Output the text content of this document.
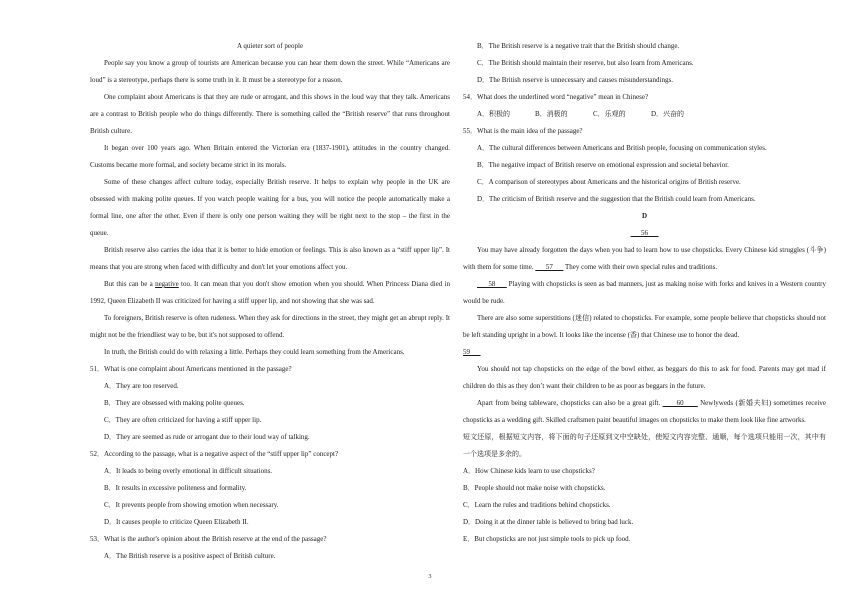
A quieter sort of people

People say you know a group of tourists are American because you can hear them down the street. While “Americans are loud” is a stereotype, perhaps there is some truth in it. It must be a stereotype for a reason.

One complaint about Americans is that they are rude or arrogant, and this shows in the loud way that they talk. Americans are a contrast to British people who do things differently. There is something called the “British reserve” that runs throughout British culture.

It began over 100 years ago. When Britain entered the Victorian era (1837-1901), attitudes in the country changed. Customs became more formal, and society became strict in its morals.

Some of these changes affect culture today, especially British reserve. It helps to explain why people in the UK are obsessed with making polite queues. If you watch people waiting for a bus, you will notice the people automatically make a formal line, one after the other. Even if there is only one person waiting they will be right next to the stop – the first in the queue.

British reserve also carries the idea that it is better to hide emotion or feelings. This is also known as a “stiff upper lip”. It means that you are strong when faced with difficulty and don't let your emotions affect you.

But this can be a negative too. It can mean that you don't show emotion when you should. When Princess Diana died in 1992, Queen Elizabeth II was criticized for having a stiff upper lip, and not showing that she was sad.

To foreigners, British reserve is often rudeness. When they ask for directions in the street, they might get an abrupt reply. It might not be the friendliest way to be, but it's not supposed to offend.

In truth, the British could do with relaxing a little. Perhaps they could learn something from the Americans.

51．What is one complaint about Americans mentioned in the passage?

A．They are too reserved.

B．They are obsessed with making polite queues.

C．They are often criticized for having a stiff upper lip.

D．They are seemed as rude or arrogant due to their loud way of talking.

52．According to the passage, what is a negative aspect of the “stiff upper lip” concept?

A．It leads to being overly emotional in difficult situations.

B．It results in excessive politeness and formality.

C．It prevents people from showing emotion when necessary.

D．It causes people to criticize Queen Elizabeth II.

53．What is the author's opinion about the British reserve at the end of the passage?

A．The British reserve is a positive aspect of British culture.

B．The British reserve is a negative trait that the British should change.

C．The British should maintain their reserve, but also learn from Americans.

D．The British reserve is unnecessary and causes misunderstandings.

54．What does the underlined word “negative” mean in Chinese?

A．积极的	B．消极的	C．乐观的	D．兴奋的

55．What is the main idea of the passage?

A．The cultural differences between Americans and British people, focusing on communication styles.

B．The negative impact of British reserve on emotional expression and societal behavior.

C．A comparison of stereotypes about Americans and the historical origins of British reserve.

D．The criticism of British reserve and the suggestion that the British could learn from Americans.

D

56

You may have already forgotten the days when you had to learn how to use chopsticks. Every Chinese kid struggles (斗争) with them for some time.       57       They come with their own special rules and traditions.

58       Playing with chopsticks is seen as bad manners, just as making noise with forks and knives in a Western country would be rude.

There are also some superstitions (迷信) related to chopsticks. For example, some people believe that chopsticks should not be left standing upright in a bowl. It looks like the incense (香) that Chinese use to honor the dead.

59

You should not tap chopsticks on the edge of the bowl either, as beggars do this to ask for food. Parents may get mad if children do this as they don’t want their children to be as poor as beggars in the future.

Apart from being tableware, chopsticks can also be a great gift.       60       Newlyweds (新婚夫妇) sometimes receive chopsticks as a wedding gift. Skilled craftsmen paint beautiful images on chopsticks to make them look like fine artworks.

短文还原，根据短文内容，将下面的句子还原到文中空缺处，使短文内容完整、通顺，每个选项只能用一次，其中有一个选项是多余的。

A．How Chinese kids learn to use chopsticks?

B．People should not make noise with chopsticks.

C．Learn the rules and traditions behind chopsticks.

D．Doing it at the dinner table is believed to bring bad luck.

E．But chopsticks are not just simple tools to pick up food.

3
